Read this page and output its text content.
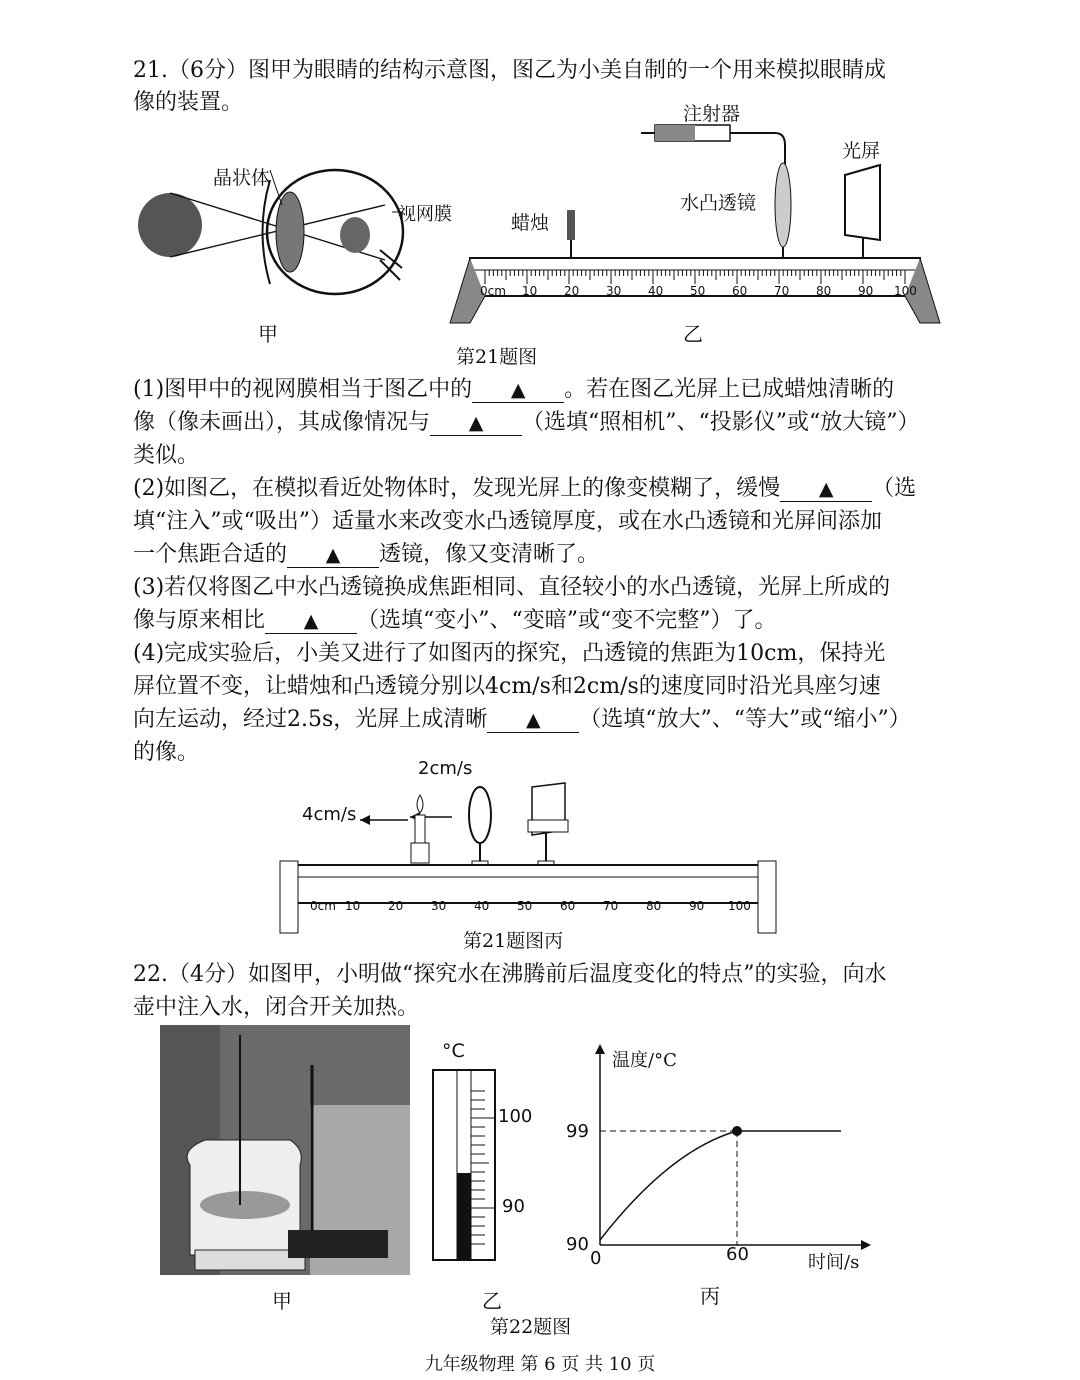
21.（6分）图甲为眼睛的结构示意图，图乙为小美自制的一个用来模拟眼睛成
像的装置。
晶状体
视网膜
甲
注射器
光屏
水凸透镜
蜡烛
0cm 10 20 30 40 50 60 70 80 90 100
乙
第21题图
(1)图甲中的视网膜相当于图乙中的 ▲ 。若在图乙光屏上已成蜡烛清晰的
像（像未画出），其成像情况与 ▲ （选填“照相机”、“投影仪”或“放大镜”）
类似。
(2)如图乙，在模拟看近处物体时，发现光屏上的像变模糊了，缓慢 ▲ （选
填“注入”或“吸出”）适量水来改变水凸透镜厚度，或在水凸透镜和光屏间添加
一个焦距合适的 ▲ 透镜，像又变清晰了。
(3)若仅将图乙中水凸透镜换成焦距相同、直径较小的水凸透镜，光屏上所成的
像与原来相比 ▲ （选填“变小”、“变暗”或“变不完整”）了。
(4)完成实验后，小美又进行了如图丙的探究，凸透镜的焦距为10cm，保持光
屏位置不变，让蜡烛和凸透镜分别以4cm/s和2cm/s的速度同时沿光具座匀速
向左运动，经过2.5s，光屏上成清晰 ▲ （选填“放大”、“等大”或“缩小”）
的像。
2cm/s
4cm/s
0cm 10 20 30 40 50 60 70 80 90 100
第21题图丙
22.（4分）如图甲，小明做“探究水在沸腾前后温度变化的特点”的实验，向水
壶中注入水，闭合开关加热。
甲
°C
100
90
乙
温度/°C
99
90
0	60	时间/s
丙
第22题图
九年级物理 第 6 页 共 10 页
